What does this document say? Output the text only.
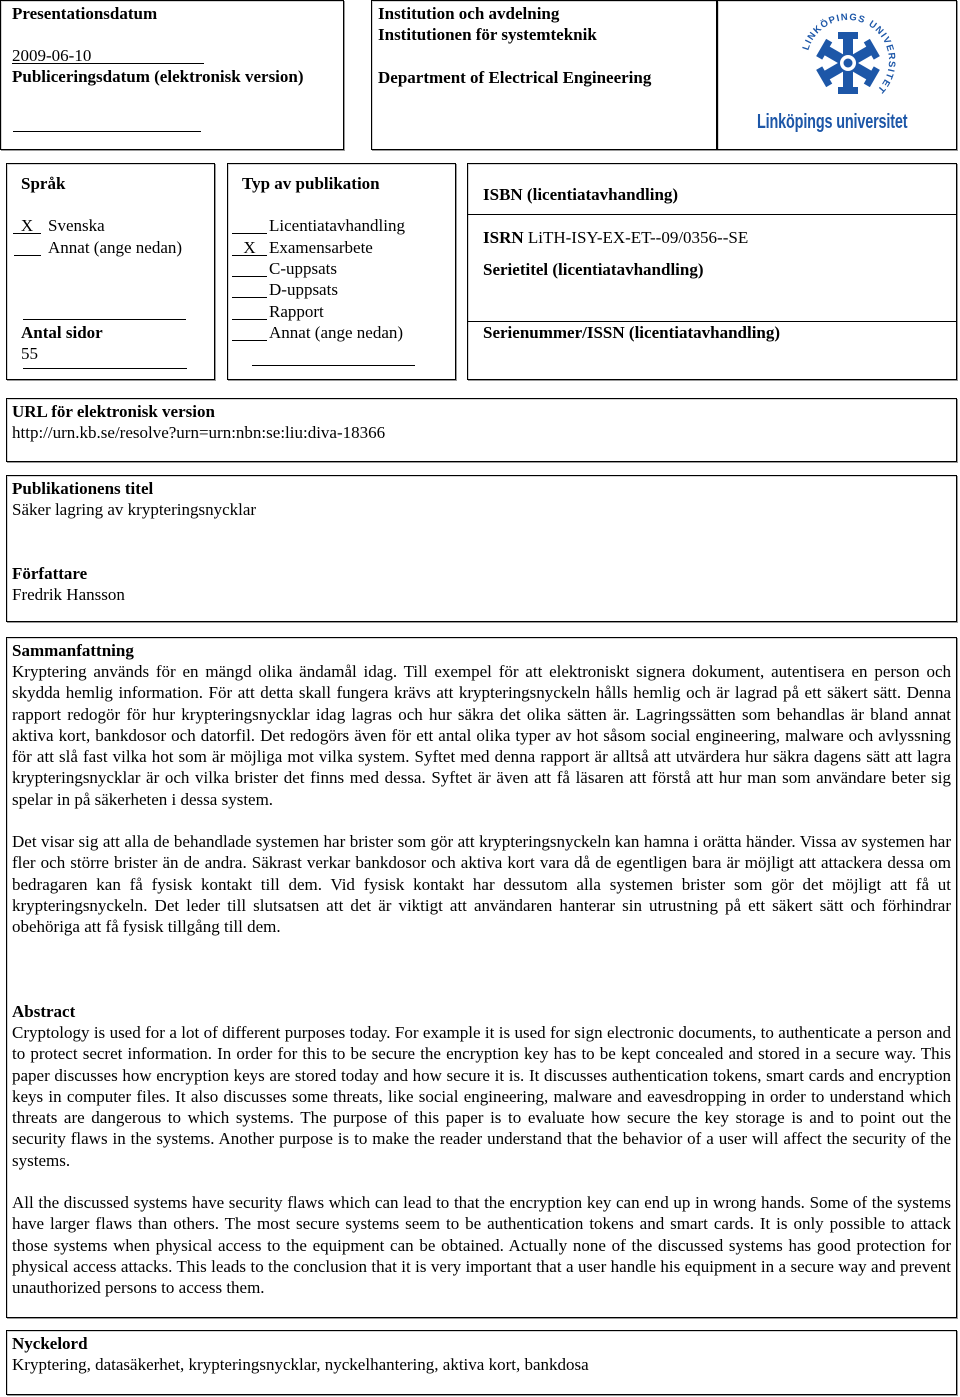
Presentationsdatum
2009-06-10
Publiceringsdatum (elektronisk version)
Institution och avdelning
Institutionen för systemteknik
Department of Electrical Engineering
LINKÖPINGS UNIVERSITET
Linköpings universitet
Språk
X Svenska
Annat (ange nedan)
Antal sidor
55
Typ av publikation
Licentiatavhandling
X Examensarbete
C-uppsats
D-uppsats
Rapport
Annat (ange nedan)
ISBN (licentiatavhandling)
ISRN LiTH-ISY-EX-ET--09/0356--SE
Serietitel (licentiatavhandling)
Serienummer/ISSN (licentiatavhandling)
URL för elektronisk version
http://urn.kb.se/resolve?urn=urn:nbn:se:liu:diva-18366
Publikationens titel
Säker lagring av krypteringsnycklar
Författare
Fredrik Hansson
Sammanfattning
Kryptering används för en mängd olika ändamål idag. Till exempel för att elektroniskt signera dokument, autentisera en person och skydda hemlig information. För att detta skall fungera krävs att krypteringsnyckeln hålls hemlig och är lagrad på ett säkert sätt. Denna rapport redogör för hur krypteringsnycklar idag lagras och hur säkra det olika sätten är. Lagringssätten som behandlas är bland annat aktiva kort, bankdosor och datorfil. Det redogörs även för ett antal olika typer av hot såsom social engineering, malware och avlyssning för att slå fast vilka hot som är möjliga mot vilka system. Syftet med denna rapport är alltså att utvärdera hur säkra dagens sätt att lagra krypteringsnycklar är och vilka brister det finns med dessa. Syftet är även att få läsaren att förstå att hur man som användare beter sig spelar in på säkerheten i dessa system.
Det visar sig att alla de behandlade systemen har brister som gör att krypteringsnyckeln kan hamna i orätta händer. Vissa av systemen har fler och större brister än de andra. Säkrast verkar bankdosor och aktiva kort vara då de egentligen bara är möjligt att attackera dessa om bedragaren kan få fysisk kontakt till dem. Vid fysisk kontakt har dessutom alla systemen brister som gör det möjligt att få ut krypteringsnyckeln. Det leder till slutsatsen att det är viktigt att användaren hanterar sin utrustning på ett säkert sätt och förhindrar obehöriga att få fysisk tillgång till dem.
Abstract
Cryptology is used for a lot of different purposes today. For example it is used for sign electronic documents, to authenticate a person and to protect secret information. In order for this to be secure the encryption key has to be kept concealed and stored in a secure way. This paper discusses how encryption keys are stored today and how secure it is. It discusses authentication tokens, smart cards and encryption keys in computer files. It also discusses some threats, like social engineering, malware and eavesdropping in order to understand which threats are dangerous to which systems. The purpose of this paper is to evaluate how secure the key storage is and to point out the security flaws in the systems. Another purpose is to make the reader understand that the behavior of a user will affect the security of the systems.
All the discussed systems have security flaws which can lead to that the encryption key can end up in wrong hands. Some of the systems have larger flaws than others. The most secure systems seem to be authentication tokens and smart cards. It is only possible to attack those systems when physical access to the equipment can be obtained. Actually none of the discussed systems has good protection for physical access attacks. This leads to the conclusion that it is very important that a user handle his equipment in a secure way and prevent unauthorized persons to access them.
Nyckelord
Kryptering, datasäkerhet, krypteringsnycklar, nyckelhantering, aktiva kort, bankdosa
